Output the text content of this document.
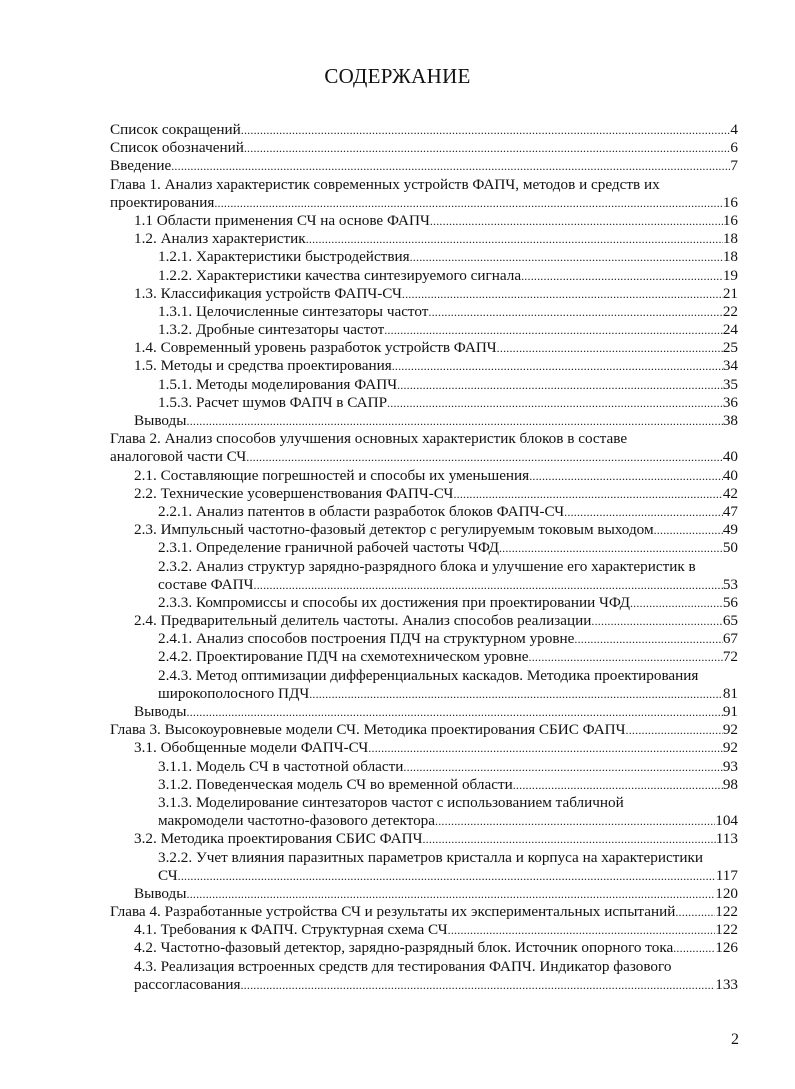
СОДЕРЖАНИЕ
Список сокращений .....	4
Список обозначений .....	6
Введение .....	7
Глава 1. Анализ характеристик современных устройств ФАПЧ, методов и средств их
проектирования .....	16
1.1 Области применения СЧ на основе ФАПЧ .....	16
1.2. Анализ характеристик .....	18
1.2.1. Характеристики быстродействия .....	18
1.2.2. Характеристики качества синтезируемого сигнала .....	19
1.3. Классификация устройств ФАПЧ-СЧ .....	21
1.3.1. Целочисленные синтезаторы частот .....	22
1.3.2. Дробные синтезаторы частот .....	24
1.4. Современный уровень разработок устройств ФАПЧ .....	25
1.5. Методы и средства проектирования .....	34
1.5.1. Методы моделирования ФАПЧ .....	35
1.5.3. Расчет шумов ФАПЧ в САПР .....	36
Выводы .....	38
Глава 2. Анализ способов улучшения основных характеристик блоков в составе
аналоговой части СЧ .....	40
2.1. Составляющие погрешностей и способы их уменьшения .....	40
2.2. Технические усовершенствования ФАПЧ-СЧ .....	42
2.2.1. Анализ патентов в области разработок блоков ФАПЧ-СЧ .....	47
2.3. Импульсный частотно-фазовый детектор с регулируемым токовым выходом .....	49
2.3.1. Определение граничной рабочей частоты ЧФД .....	50
2.3.2. Анализ структур зарядно-разрядного блока и улучшение его характеристик в
составе ФАПЧ .....	53
2.3.3. Компромиссы и способы их достижения при проектировании ЧФД .....	56
2.4. Предварительный делитель частоты. Анализ способов реализации .....	65
2.4.1. Анализ способов построения ПДЧ на структурном уровне .....	67
2.4.2. Проектирование ПДЧ на схемотехническом уровне .....	72
2.4.3. Метод оптимизации дифференциальных каскадов. Методика проектирования
широкополосного ПДЧ .....	81
Выводы .....	91
Глава 3. Высокоуровневые модели СЧ. Методика проектирования СБИС ФАПЧ .....	92
3.1. Обобщенные модели ФАПЧ-СЧ .....	92
3.1.1. Модель СЧ в частотной области .....	93
3.1.2. Поведенческая модель СЧ во временной области .....	98
3.1.3. Моделирование синтезаторов частот с использованием табличной
макромодели частотно-фазового детектора .....	104
3.2. Методика проектирования СБИС ФАПЧ .....	113
3.2.2. Учет влияния паразитных параметров кристалла и корпуса на характеристики
СЧ .....	117
Выводы .....	120
Глава 4. Разработанные устройства СЧ и результаты их экспериментальных испытаний .....	122
4.1. Требования к ФАПЧ. Структурная схема СЧ .....	122
4.2. Частотно-фазовый детектор, зарядно-разрядный блок. Источник опорного тока .....	126
4.3. Реализация встроенных средств для тестирования ФАПЧ. Индикатор фазового
рассогласования .....	133
2
